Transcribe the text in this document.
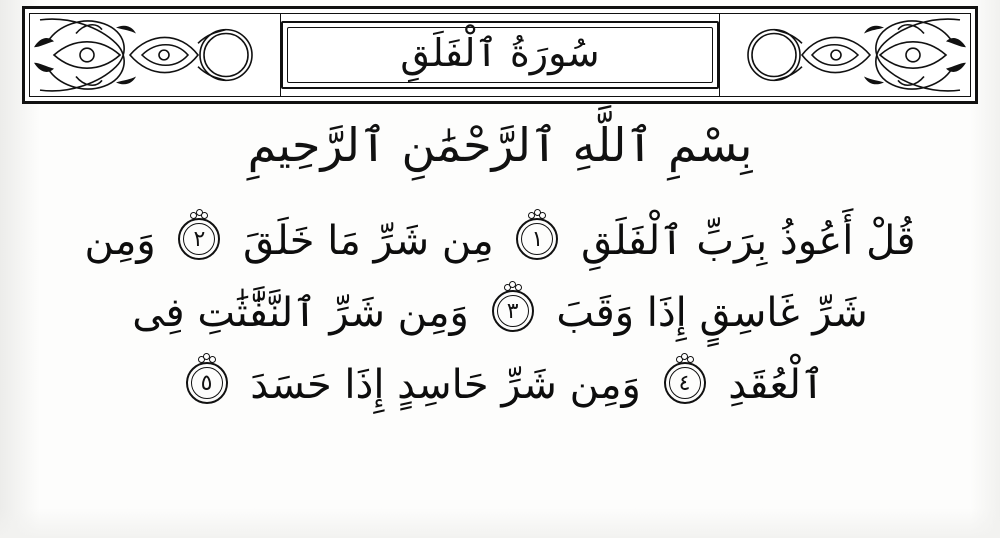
سُورَةُ ٱلْفَلَقِ
بِسْمِ ٱللَّهِ ٱلرَّحْمَٰنِ ٱلرَّحِيمِ
قُلْ أَعُوذُ بِرَبِّ ٱلْفَلَقِ
١
مِن شَرِّ مَا خَلَقَ
٢
وَمِن
شَرِّ غَاسِقٍ إِذَا وَقَبَ
٣
وَمِن شَرِّ ٱلنَّفَّٰثَٰتِ فِى
ٱلْعُقَدِ
٤
وَمِن شَرِّ حَاسِدٍ إِذَا حَسَدَ
٥
